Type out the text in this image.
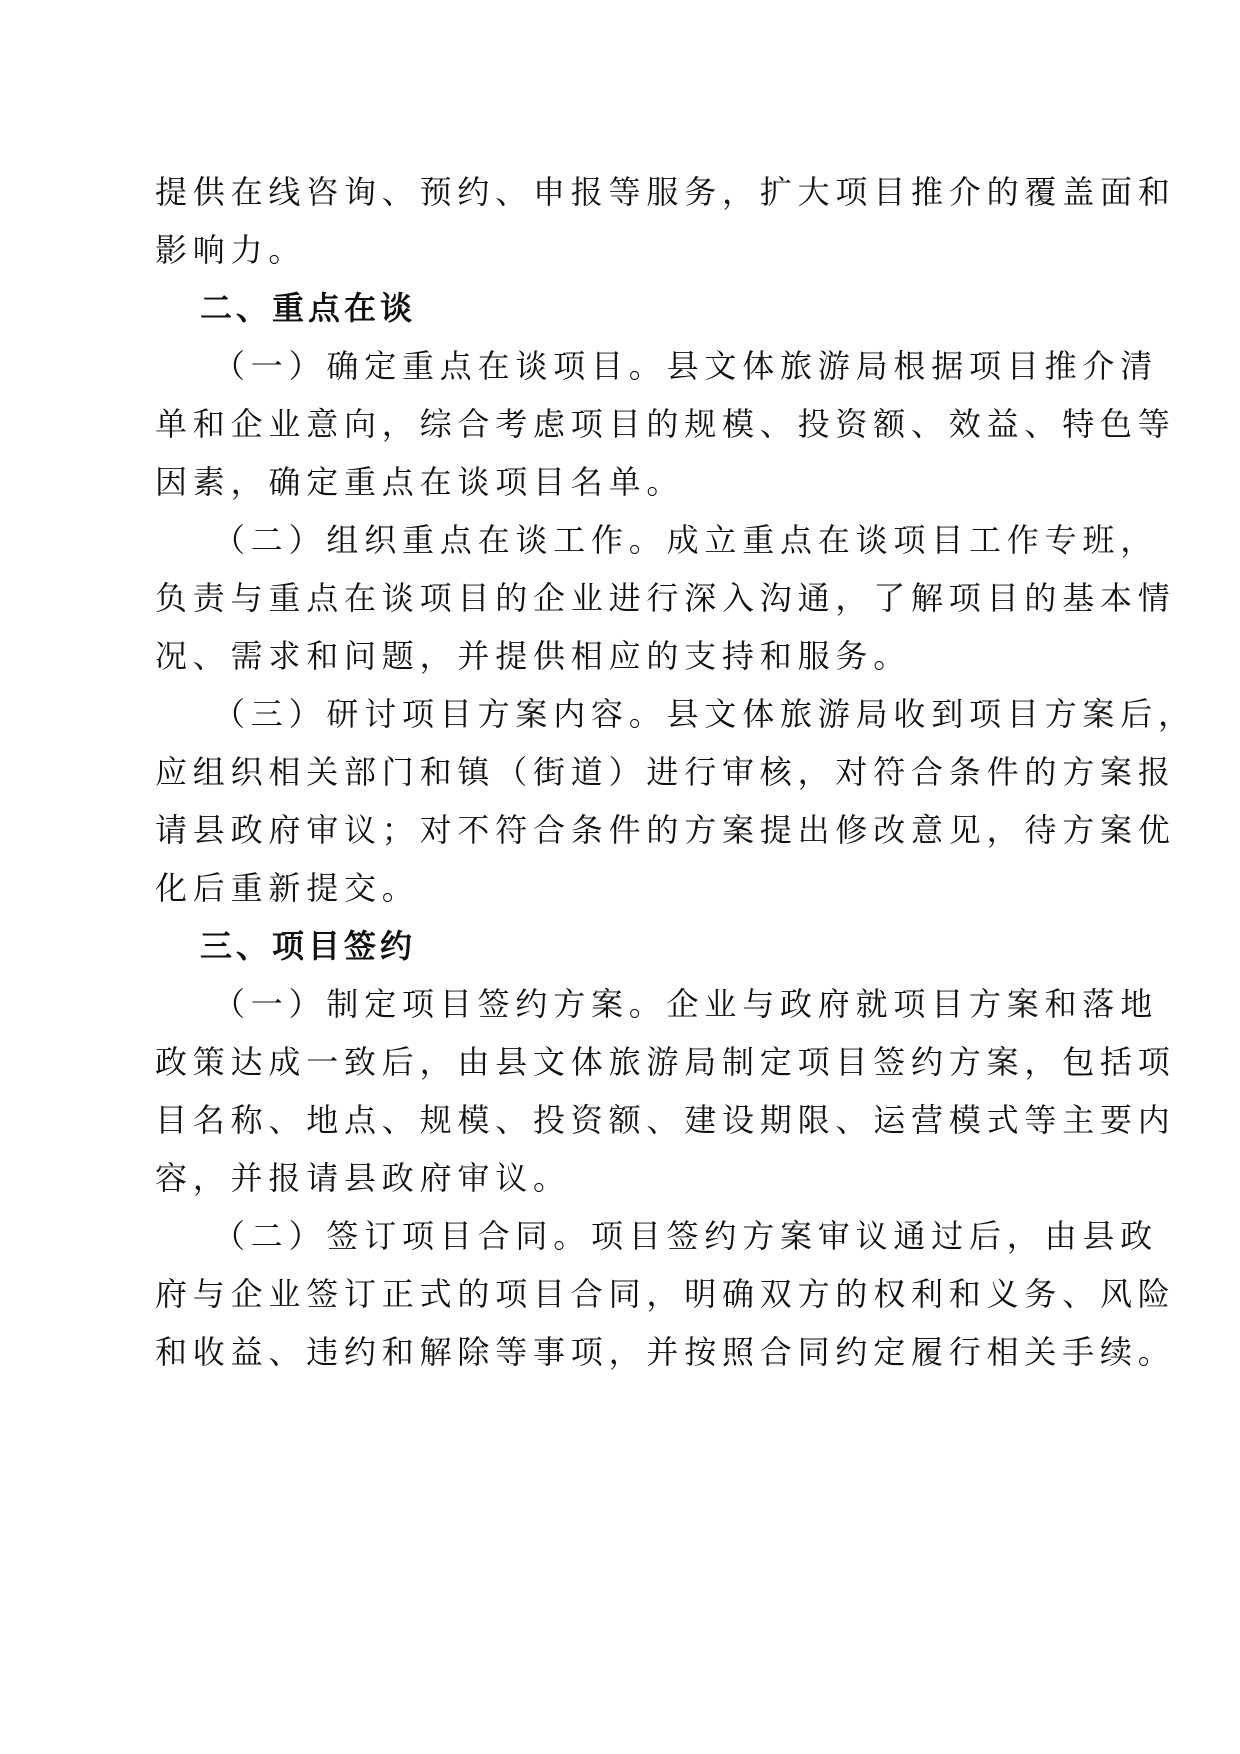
提供在线咨询、预约、申报等服务，扩大项目推介的覆盖面和
影响力。
二、重点在谈
（一）确定重点在谈项目。县文体旅游局根据项目推介清
单和企业意向，综合考虑项目的规模、投资额、效益、特色等
因素，确定重点在谈项目名单。
（二）组织重点在谈工作。成立重点在谈项目工作专班，
负责与重点在谈项目的企业进行深入沟通，了解项目的基本情
况、需求和问题，并提供相应的支持和服务。
（三）研讨项目方案内容。县文体旅游局收到项目方案后，
应组织相关部门和镇（街道）进行审核，对符合条件的方案报
请县政府审议；对不符合条件的方案提出修改意见，待方案优
化后重新提交。
三、项目签约
（一）制定项目签约方案。企业与政府就项目方案和落地
政策达成一致后，由县文体旅游局制定项目签约方案，包括项
目名称、地点、规模、投资额、建设期限、运营模式等主要内
容，并报请县政府审议。
（二）签订项目合同。项目签约方案审议通过后，由县政
府与企业签订正式的项目合同，明确双方的权利和义务、风险
和收益、违约和解除等事项，并按照合同约定履行相关手续。
